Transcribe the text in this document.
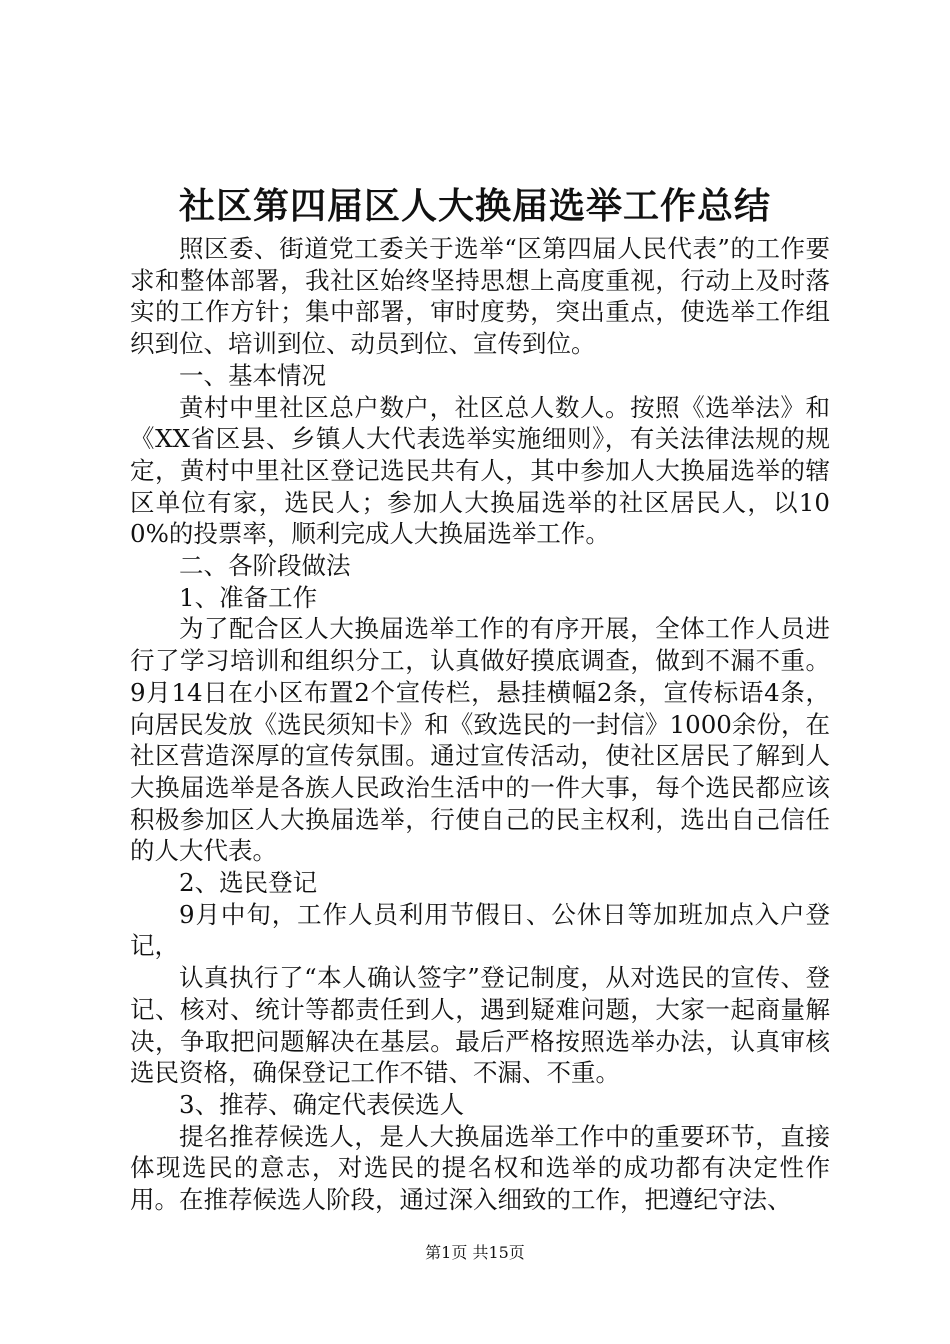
社区第四届区人大换届选举工作总结

照区委、街道党工委关于选举“区第四届人民代表”的工作要求和整体部署，我社区始终坚持思想上高度重视，行动上及时落实的工作方针；集中部署，审时度势，突出重点，使选举工作组织到位、培训到位、动员到位、宣传到位。

一、基本情况

黄村中里社区总户数户，社区总人数人。按照《选举法》和《XX省区县、乡镇人大代表选举实施细则》，有关法律法规的规定，黄村中里社区登记选民共有人，其中参加人大换届选举的辖区单位有家，选民人；参加人大换届选举的社区居民人，以100%的投票率，顺利完成人大换届选举工作。

二、各阶段做法

1、准备工作

为了配合区人大换届选举工作的有序开展，全体工作人员进行了学习培训和组织分工，认真做好摸底调查，做到不漏不重。9月14日在小区布置2个宣传栏，悬挂横幅2条，宣传标语4条，向居民发放《选民须知卡》和《致选民的一封信》1000余份，在社区营造深厚的宣传氛围。通过宣传活动，使社区居民了解到人大换届选举是各族人民政治生活中的一件大事，每个选民都应该积极参加区人大换届选举，行使自己的民主权利，选出自己信任的人大代表。

2、选民登记

9月中旬，工作人员利用节假日、公休日等加班加点入户登记，

认真执行了“本人确认签字”登记制度，从对选民的宣传、登记、核对、统计等都责任到人，遇到疑难问题，大家一起商量解决，争取把问题解决在基层。最后严格按照选举办法，认真审核选民资格，确保登记工作不错、不漏、不重。

3、推荐、确定代表侯选人

提名推荐候选人，是人大换届选举工作中的重要环节，直接体现选民的意志，对选民的提名权和选举的成功都有决定性作用。在推荐候选人阶段，通过深入细致的工作，把遵纪守法、

第1页 共15页
